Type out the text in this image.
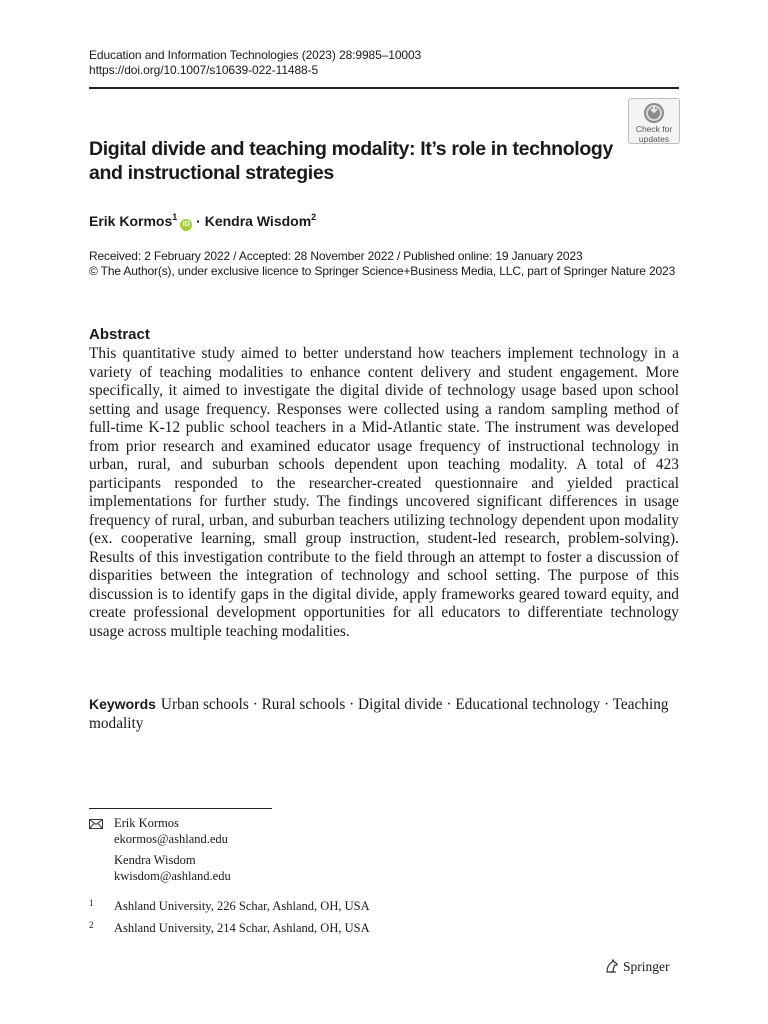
Education and Information Technologies (2023) 28:9985–10003
https://doi.org/10.1007/s10639-022-11488-5
Check for
updates
Digital divide and teaching modality: It’s role in technology and instructional strategies
Erik Kormos$^1$iD · Kendra Wisdom$^2$
Received: 2 February 2022 / Accepted: 28 November 2022 / Published online: 19 January 2023
© The Author(s), under exclusive licence to Springer Science+Business Media, LLC, part of Springer Nature 2023
Abstract
This quantitative study aimed to better understand how teachers implement technology in a variety of teaching modalities to enhance content delivery and student engagement. More specifically, it aimed to investigate the digital divide of technology usage based upon school setting and usage frequency. Responses were collected using a random sampling method of full-time K-12 public school teachers in a Mid-Atlantic state. The instrument was developed from prior research and examined educator usage frequency of instructional technology in urban, rural, and suburban schools dependent upon teaching modality. A total of 423 participants responded to the researcher-created questionnaire and yielded practical implementations for further study. The findings uncovered significant differences in usage frequency of rural, urban, and suburban teachers utilizing technology dependent upon modality (ex. cooperative learning, small group instruction, student-led research, problem-solving). Results of this investigation contribute to the field through an attempt to foster a discussion of disparities between the integration of technology and school setting. The purpose of this discussion is to identify gaps in the digital divide, apply frameworks geared toward equity, and create professional development opportunities for all educators to differentiate technology usage across multiple teaching modalities.
Keywords Urban schools · Rural schools · Digital divide · Educational technology · Teaching modality
Erik Kormos
ekormos@ashland.edu
Kendra Wisdom
kwisdom@ashland.edu
1 Ashland University, 226 Schar, Ashland, OH, USA
2 Ashland University, 214 Schar, Ashland, OH, USA
Springer
